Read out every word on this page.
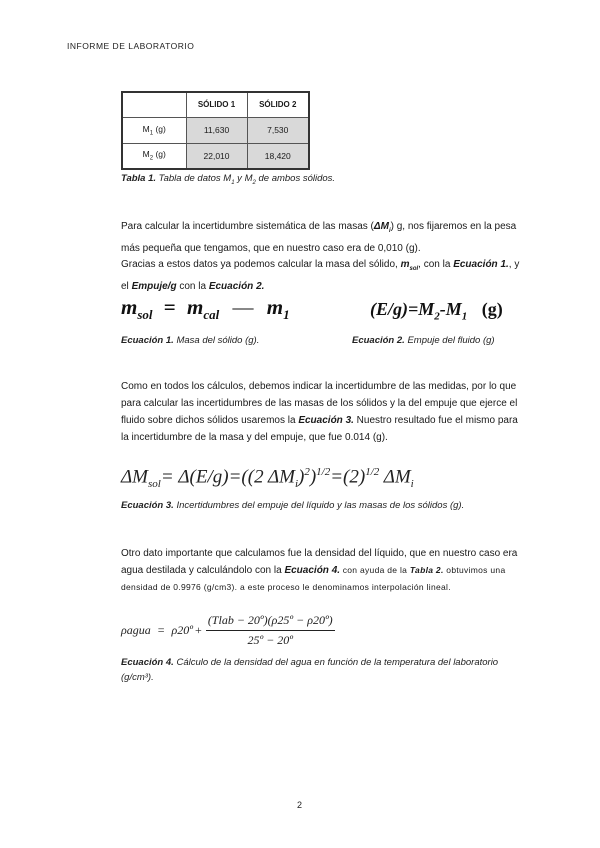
INFORME DE LABORATORIO
	SÓLIDO 1	SÓLIDO 2
$M_1$ (g)	11,630	7,530
$M_2$ (g)	22,010	18,420
Tabla 1. Tabla de datos $M_1$ y $M_2$ de ambos sólidos.
Para calcular la incertidumbre sistemática de las masas $(\Delta M_i)$ g, nos fijaremos en la pesa más pequeña que tengamos, que en nuestro caso era de 0,010 (g).
Gracias a estos datos ya podemos calcular la masa del sólido, $m_{sol}$, con la Ecuación 1., y el Empuje/g con la Ecuación 2.
$m_{sol} = m_{cal}$ — $m_1$	$(E/g)=M_2-M_1$ (g)
Ecuación 1. Masa del sólido (g).	Ecuación 2. Empuje del fluido (g)
Como en todos los cálculos, debemos indicar la incertidumbre de las medidas, por lo que para calcular las incertidumbres de las masas de los sólidos y la del empuje que ejerce el fluido sobre dichos sólidos usaremos la Ecuación 3. Nuestro resultado fue el mismo para la incertidumbre de la masa y del empuje, que fue 0.014 (g).
$\Delta M_{sol}= \Delta(E/g)=((2$ $\Delta M_i)^2)^{1/2}=(2)^{1/2}$ $\Delta M_i$
Ecuación 3. Incertidumbres del empuje del líquido y las masas de los sólidos (g).
Otro dato importante que calculamos fue la densidad del líquido, que en nuestro caso era agua destilada y calculándolo con la Ecuación 4. con ayuda de la Tabla 2. obtuvimos una densidad de 0.9976 (g/cm3). a este proceso le denominamos interpolación lineal.
ρagua = ρ20º +
(Tlab − 20º)(ρ25º − ρ20º)
25º − 20º
Ecuación 4. Cálculo de la densidad del agua en función de la temperatura del laboratorio (g/cm³).
2
